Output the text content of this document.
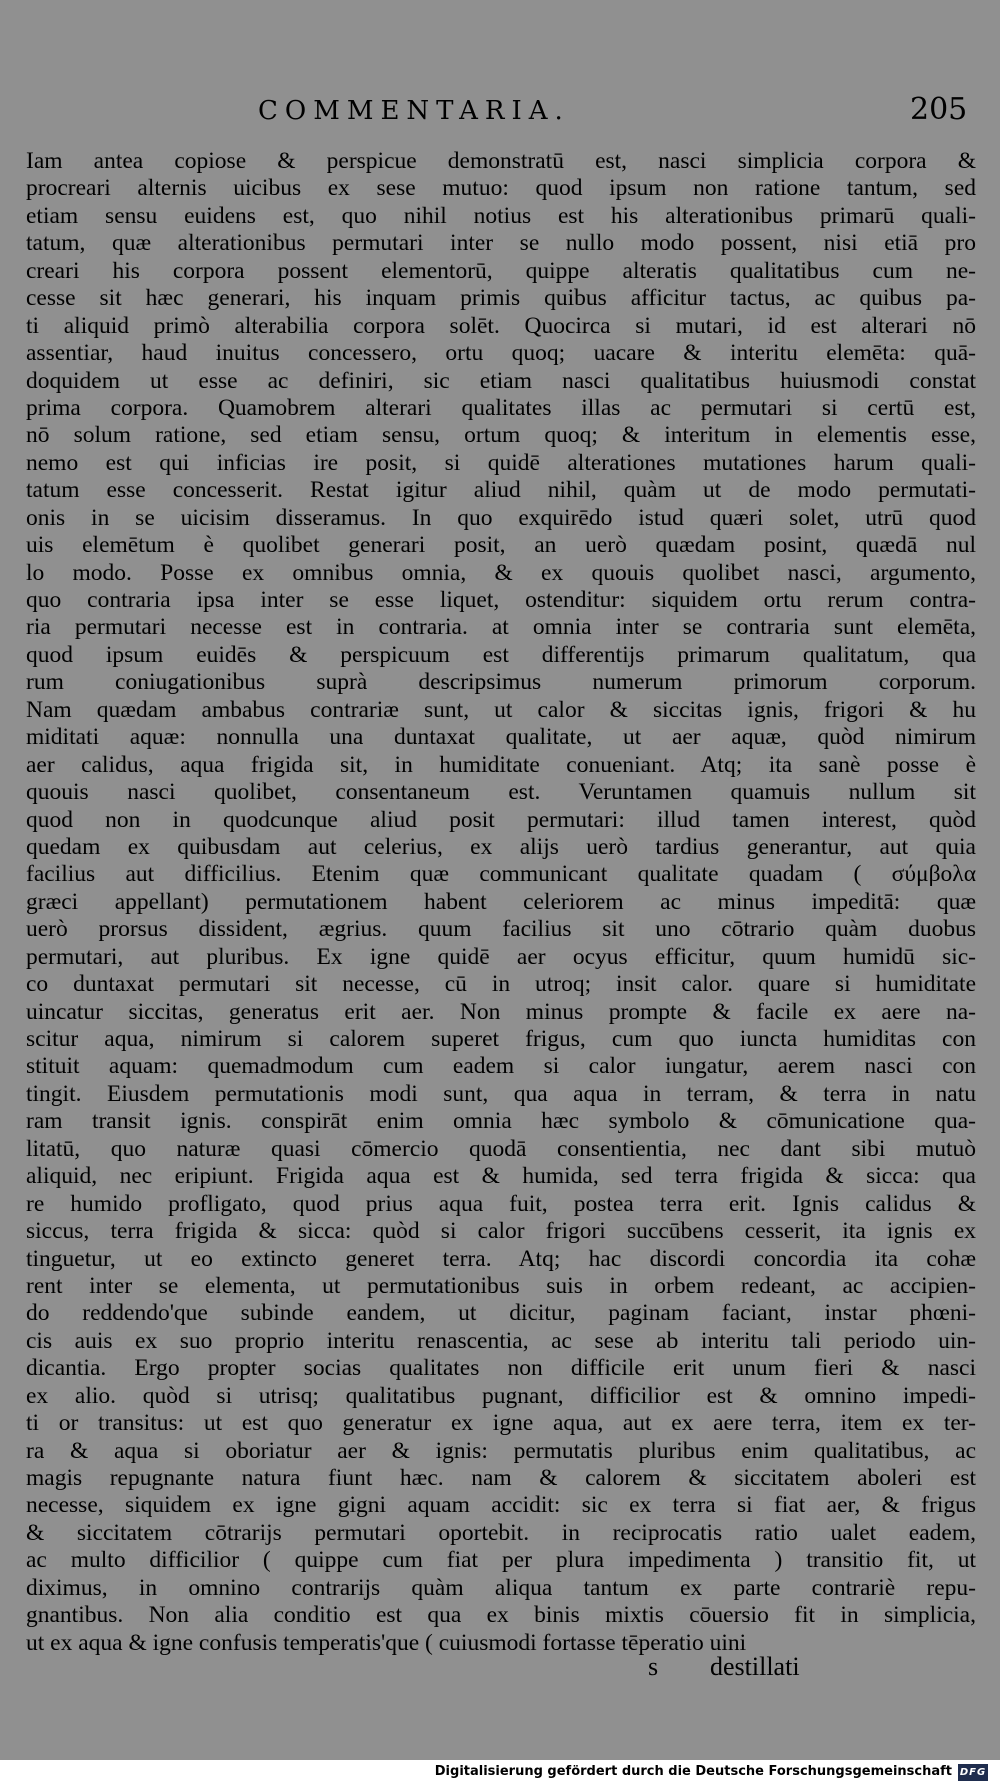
COMMENTARIA.	205
Iam antea copiose & perspicue demonstratū est, nasci simplicia corpora &
procreari alternis uicibus ex sese mutuo: quod ipsum non ratione tantum, sed
etiam sensu euidens est, quo nihil notius est his alterationibus primarū quali-
tatum, quæ alterationibus permutari inter se nullo modo possent, nisi etiā pro
creari his corpora possent elementorū, quippe alteratis qualitatibus cum ne-
cesse sit hæc generari, his inquam primis quibus afficitur tactus, ac quibus pa-
ti aliquid primò alterabilia corpora solēt. Quocirca si mutari, id est alterari nō
assentiar, haud inuitus concessero, ortu quoq; uacare & interitu elemēta: quā-
doquidem ut esse ac definiri, sic etiam nasci qualitatibus huiusmodi constat
prima corpora. Quamobrem alterari qualitates illas ac permutari si certū est,
nō solum ratione, sed etiam sensu, ortum quoq; & interitum in elementis esse,
nemo est qui inficias ire posit, si quidē alterationes mutationes harum quali-
tatum esse concesserit. Restat igitur aliud nihil, quàm ut de modo permutati-
onis in se uicisim disseramus. In quo exquirēdo istud quæri solet, utrū quod
uis elemētum è quolibet generari posit, an uerò quædam posint, quædā nul
lo modo. Posse ex omnibus omnia, & ex quouis quolibet nasci, argumento,
quo contraria ipsa inter se esse liquet, ostenditur: siquidem ortu rerum contra-
ria permutari necesse est in contraria. at omnia inter se contraria sunt elemēta,
quod ipsum euidēs & perspicuum est differentijs primarum qualitatum, qua
rum coniugationibus suprà descripsimus numerum primorum corporum.
Nam quædam ambabus contrariæ sunt, ut calor & siccitas ignis, frigori & hu
miditati aquæ: nonnulla una duntaxat qualitate, ut aer aquæ, quòd nimirum
aer calidus, aqua frigida sit, in humiditate conueniant. Atq; ita sanè posse è
quouis nasci quolibet, consentaneum est. Veruntamen quamuis nullum sit
quod non in quodcunque aliud posit permutari: illud tamen interest, quòd
quedam ex quibusdam aut celerius, ex alijs uerò tardius generantur, aut quia
facilius aut difficilius. Etenim quæ communicant qualitate quadam ( σύμβολα
græci appellant) permutationem habent celeriorem ac minus impeditā: quæ
uerò prorsus dissident, ægrius. quum facilius sit uno cōtrario quàm duobus
permutari, aut pluribus. Ex igne quidē aer ocyus efficitur, quum humidū sic-
co duntaxat permutari sit necesse, cū in utroq; insit calor. quare si humiditate
uincatur siccitas, generatus erit aer. Non minus prompte & facile ex aere na-
scitur aqua, nimirum si calorem superet frigus, cum quo iuncta humiditas con
stituit aquam: quemadmodum cum eadem si calor iungatur, aerem nasci con
tingit. Eiusdem permutationis modi sunt, qua aqua in terram, & terra in natu
ram transit ignis. conspirāt enim omnia hæc symbolo & cōmunicatione qua-
litatū, quo naturæ quasi cōmercio quodā consentientia, nec dant sibi mutuò
aliquid, nec eripiunt. Frigida aqua est & humida, sed terra frigida & sicca: qua
re humido profligato, quod prius aqua fuit, postea terra erit. Ignis calidus &
siccus, terra frigida & sicca: quòd si calor frigori succūbens cesserit, ita ignis ex
tinguetur, ut eo extincto generet terra. Atq; hac discordi concordia ita cohæ
rent inter se elementa, ut permutationibus suis in orbem redeant, ac accipien-
do reddendo'que subinde eandem, ut dicitur, paginam faciant, instar phœni-
cis auis ex suo proprio interitu renascentia, ac sese ab interitu tali periodo uin-
dicantia. Ergo propter socias qualitates non difficile erit unum fieri & nasci
ex alio. quòd si utrisq; qualitatibus pugnant, difficilior est & omnino impedi-
ti or transitus: ut est quo generatur ex igne aqua, aut ex aere terra, item ex ter-
ra & aqua si oboriatur aer & ignis: permutatis pluribus enim qualitatibus, ac
magis repugnante natura fiunt hæc. nam & calorem & siccitatem aboleri est
necesse, siquidem ex igne gigni aquam accidit: sic ex terra si fiat aer, & frigus
& siccitatem cōtrarijs permutari oportebit. in reciprocatis ratio ualet eadem,
ac multo difficilior ( quippe cum fiat per plura impedimenta ) transitio fit, ut
diximus, in omnino contrarijs quàm aliqua tantum ex parte contrariè repu-
gnantibus. Non alia conditio est qua ex binis mixtis cōuersio fit in simplicia,
ut ex aqua & igne confusis temperatis'que ( cuiusmodi fortasse tēperatio uini
s destillati
Digitalisierung gefördert durch die Deutsche Forschungsgemeinschaft DFG
